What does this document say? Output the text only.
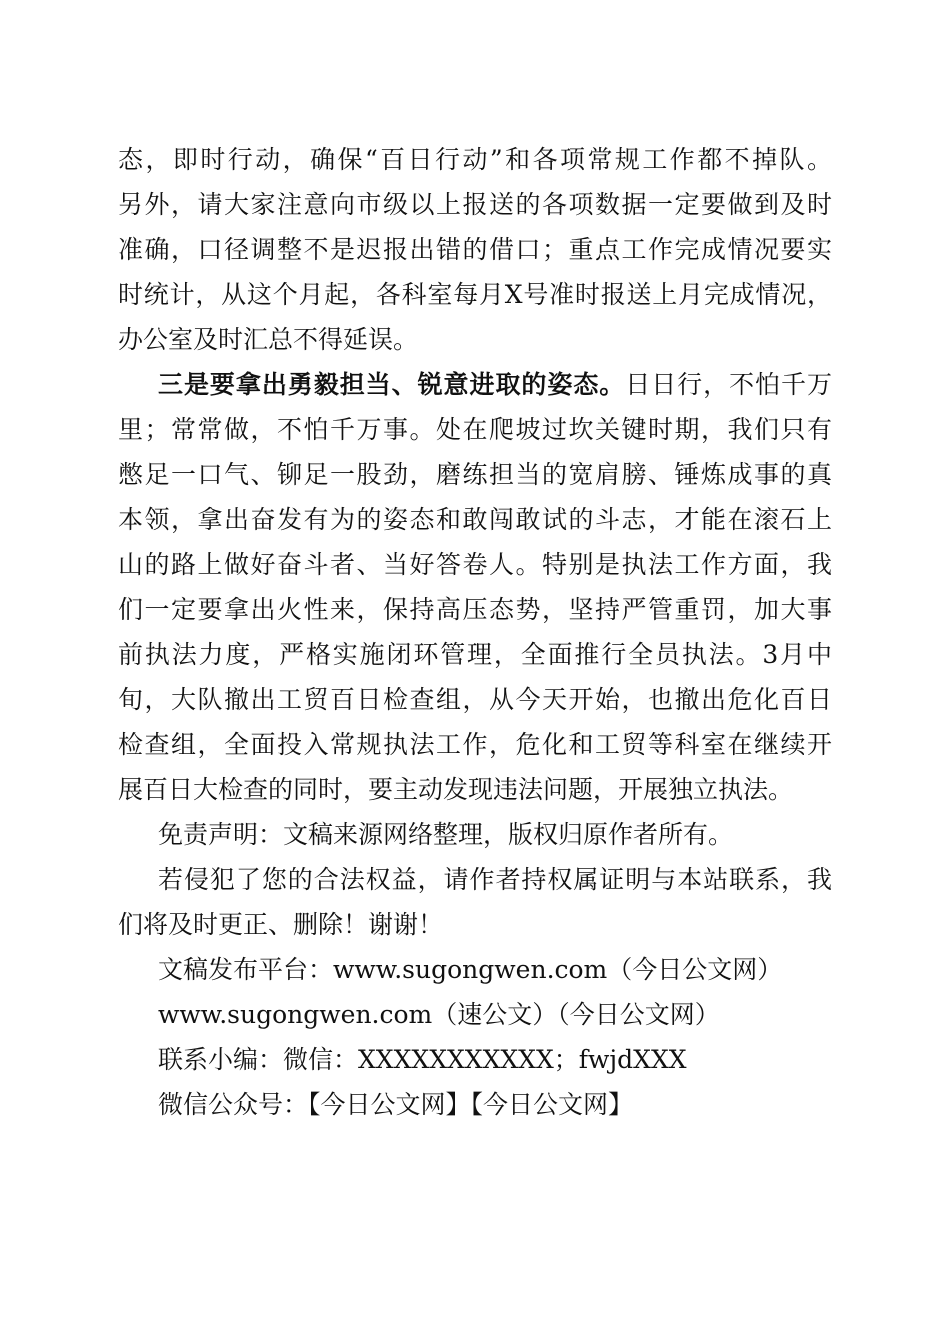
态，即时行动，确保“百日行动”和各项常规工作都不掉队。
另外，请大家注意向市级以上报送的各项数据一定要做到及时
准确，口径调整不是迟报出错的借口；重点工作完成情况要实
时统计，从这个月起，各科室每月X号准时报送上月完成情况，
办公室及时汇总不得延误。
三是要拿出勇毅担当、锐意进取的姿态。日日行，不怕千万
里；常常做，不怕千万事。处在爬坡过坎关键时期，我们只有
憋足一口气、铆足一股劲，磨练担当的宽肩膀、锤炼成事的真
本领，拿出奋发有为的姿态和敢闯敢试的斗志，才能在滚石上
山的路上做好奋斗者、当好答卷人。特别是执法工作方面，我
们一定要拿出火性来，保持高压态势，坚持严管重罚，加大事
前执法力度，严格实施闭环管理，全面推行全员执法。3月中
旬，大队撤出工贸百日检查组，从今天开始，也撤出危化百日
检查组，全面投入常规执法工作，危化和工贸等科室在继续开
展百日大检查的同时，要主动发现违法问题，开展独立执法。
免责声明：文稿来源网络整理，版权归原作者所有。
若侵犯了您的合法权益，请作者持权属证明与本站联系，我
们将及时更正、删除！谢谢！
文稿发布平台：www.sugongwen.com（今日公文网）
www.sugongwen.com（速公文）（今日公文网）
联系小编：微信：XXXXXXXXXXX；fwjdXXX
微信公众号：【今日公文网】【今日公文网】
